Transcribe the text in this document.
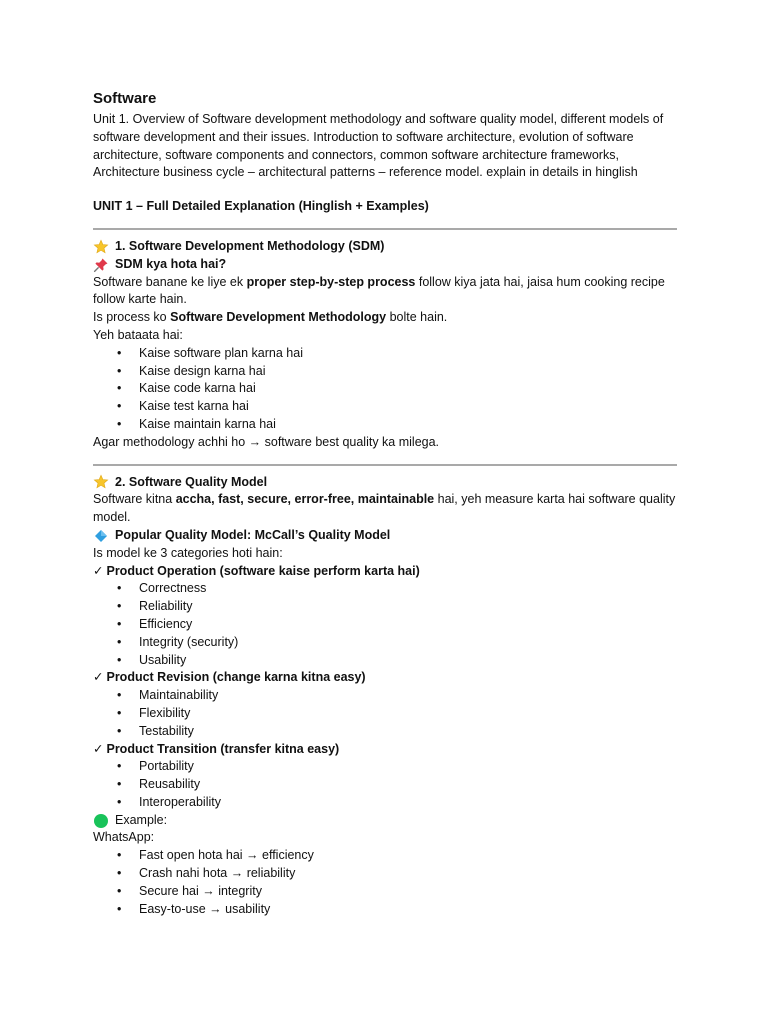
Software

Unit 1. Overview of Software development methodology and software quality model, different models of software development and their issues. Introduction to software architecture, evolution of software architecture, software components and connectors, common software architecture frameworks, Architecture business cycle – architectural patterns – reference model. explain in details in hinglish

UNIT 1 – Full Detailed Explanation (Hinglish + Examples)

1. Software Development Methodology (SDM)
SDM kya hota hai?

Software banane ke liye ek proper step-by-step process follow kiya jata hai, jaisa hum cooking recipe follow karte hain.

Is process ko Software Development Methodology bolte hain.

Yeh bataata hai:

• Kaise software plan karna hai
• Kaise design karna hai
• Kaise code karna hai
• Kaise test karna hai
• Kaise maintain karna hai

Agar methodology achhi ho → software best quality ka milega.

2. Software Quality Model

Software kitna accha, fast, secure, error-free, maintainable hai, yeh measure karta hai software quality model.

Popular Quality Model: McCall’s Quality Model

Is model ke 3 categories hoti hain:

✓ Product Operation (software kaise perform karta hai)

• Correctness
• Reliability
• Efficiency
• Integrity (security)
• Usability

✓ Product Revision (change karna kitna easy)

• Maintainability
• Flexibility
• Testability

✓ Product Transition (transfer kitna easy)

• Portability
• Reusability
• Interoperability
Example:

WhatsApp:

• Fast open hota hai → efficiency
• Crash nahi hota → reliability
• Secure hai → integrity
• Easy-to-use → usability
